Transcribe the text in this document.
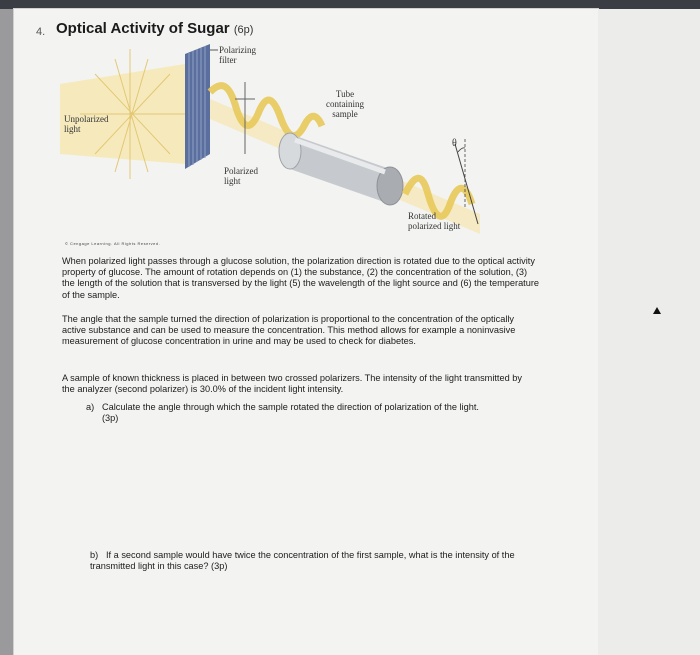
4. Optical Activity of Sugar (6p)
Polarizing
filter
Tube
containing
sample
Unpolarized
light
Polarized
light
θ
Rotated
polarized light
© Cengage Learning. All Rights Reserved.
When polarized light passes through a glucose solution, the polarization direction is rotated due to the optical activity property of glucose. The amount of rotation depends on (1) the substance, (2) the concentration of the solution, (3) the length of the solution that is transversed by the light (5) the wavelength of the light source and (6) the temperature of the sample.
The angle that the sample turned the direction of polarization is proportional to the concentration of the optically active substance and can be used to measure the concentration. This method allows for example a noninvasive measurement of glucose concentration in urine and may be used to check for diabetes.
A sample of known thickness is placed in between two crossed polarizers. The intensity of the light transmitted by the analyzer (second polarizer) is 30.0% of the incident light intensity.
a) Calculate the angle through which the sample rotated the direction of polarization of the light.
(3p)
b) If a second sample would have twice the concentration of the first sample, what is the intensity of the transmitted light in this case? (3p)
